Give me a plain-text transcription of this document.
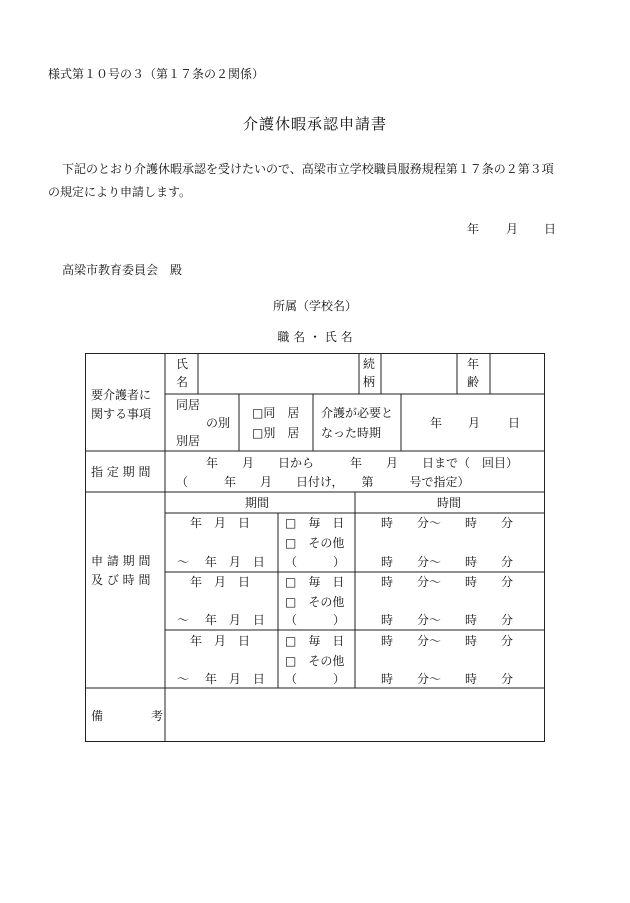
様式第１０号の３（第１７条の２関係）
介護休暇承認申請書
下記のとおり介護休暇承認を受けたいので、高梁市立学校職員服務規程第１７条の２第３項
の規定により申請します。
年 月 日
高梁市教育委員会　殿
所属（学校名）
職 名 ・ 氏 名
要介護者に
関する事項
氏
名
続
柄
年
齢
同居
の別
別居
□同　居
□別　居
介護が必要と
なった時期
年 月 日
指 定 期 間
年　　月　　日から　　　年　　月　　日まで（　回目）
（　　　年　　月　　日付け，　　第　　　号で指定）
申 請 期 間
及 び 時 間
期間	時間
年　月　日
～　 年　月　日
□　毎　日
□　その他
（　　　）
時　　分～　　時　　分
時　　分～　　時　　分
年　月　日
～　 年　月　日
□　毎　日
□　その他
（　　　）
時　　分～　　時　　分
時　　分～　　時　　分
年　月　日
～　 年　月　日
□　毎　日
□　その他
（　　　）
時　　分～　　時　　分
時　　分～　　時　　分
備　　　　考
